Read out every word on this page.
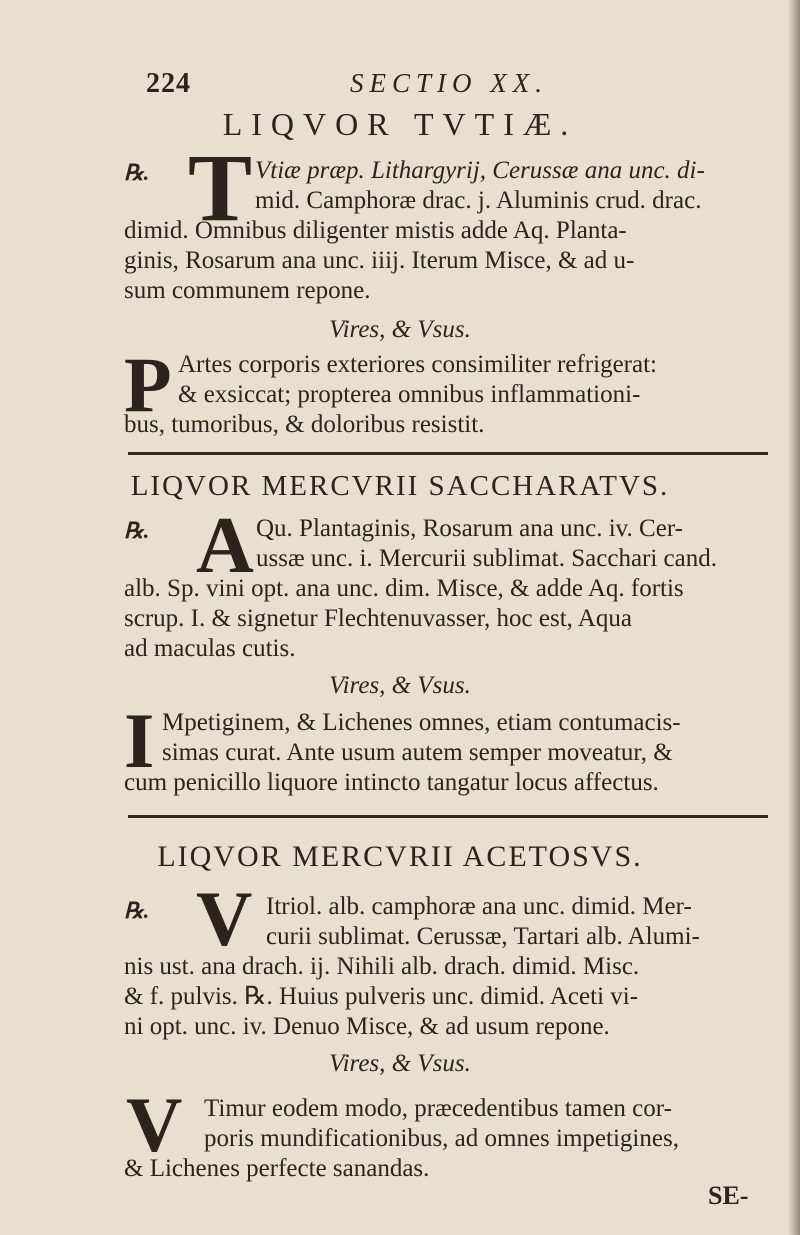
224	SECTIO XX.
LIQVOR TVTIÆ.
℞. T Vtiæ præp. Lithargyrij, Cerussæ ana unc. di-
mid. Camphoræ drac. j. Aluminis crud. drac.
dimid. Omnibus diligenter mistis adde Aq. Planta-
ginis, Rosarum ana unc. iiij. Iterum Misce, & ad u-
sum communem repone.
Vires, & Vsus.
P Artes corporis exteriores consimiliter refrigerat:
& exsiccat; propterea omnibus inflammationi-
bus, tumoribus, & doloribus resistit.
LIQVOR MERCVRII SACCHARATVS.
℞. A Qu. Plantaginis, Rosarum ana unc. iv. Cer-
ussæ unc. i. Mercurii sublimat. Sacchari cand.
alb. Sp. vini opt. ana unc. dim. Misce, & adde Aq. fortis
scrup. I. & signetur Flechtenuvasser, hoc est, Aqua
ad maculas cutis.
Vires, & Vsus.
I Mpetiginem, & Lichenes omnes, etiam contumacis-
simas curat. Ante usum autem semper moveatur, &
cum penicillo liquore intincto tangatur locus affectus.
LIQVOR MERCVRII ACETOSVS.
℞. V Itriol. alb. camphoræ ana unc. dimid. Mer-
curii sublimat. Cerussæ, Tartari alb. Alumi-
nis ust. ana drach. ij. Nihili alb. drach. dimid. Misc.
& f. pulvis. ℞. Huius pulveris unc. dimid. Aceti vi-
ni opt. unc. iv. Denuo Misce, & ad usum repone.
Vires, & Vsus.
V Timur eodem modo, præcedentibus tamen cor-
poris mundificationibus, ad omnes impetigines,
& Lichenes perfecte sanandas.
SE-
